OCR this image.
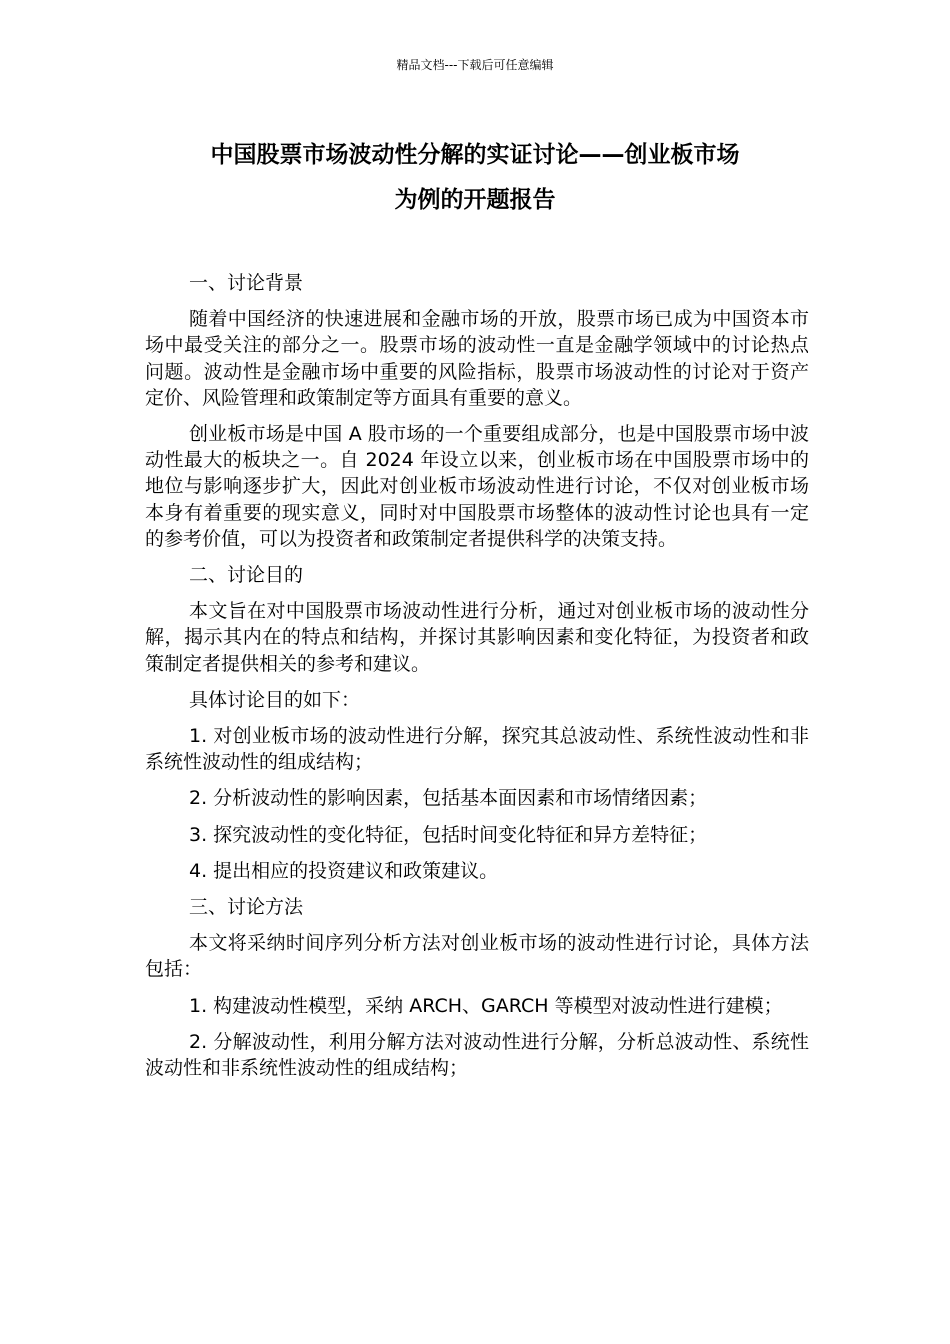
精品文档---下载后可任意编辑
中国股票市场波动性分解的实证讨论——创业板市场
为例的开题报告

一、讨论背景

随着中国经济的快速进展和金融市场的开放，股票市场已成为中国资本市场中最受关注的部分之一。股票市场的波动性一直是金融学领域中的讨论热点问题。波动性是金融市场中重要的风险指标，股票市场波动性的讨论对于资产定价、风险管理和政策制定等方面具有重要的意义。

创业板市场是中国 A 股市场的一个重要组成部分，也是中国股票市场中波动性最大的板块之一。自 2024 年设立以来，创业板市场在中国股票市场中的地位与影响逐步扩大，因此对创业板市场波动性进行讨论，不仅对创业板市场本身有着重要的现实意义，同时对中国股票市场整体的波动性讨论也具有一定的参考价值，可以为投资者和政策制定者提供科学的决策支持。

二、讨论目的

本文旨在对中国股票市场波动性进行分析，通过对创业板市场的波动性分解，揭示其内在的特点和结构，并探讨其影响因素和变化特征，为投资者和政策制定者提供相关的参考和建议。

具体讨论目的如下：

1. 对创业板市场的波动性进行分解，探究其总波动性、系统性波动性和非系统性波动性的组成结构；

2. 分析波动性的影响因素，包括基本面因素和市场情绪因素；

3. 探究波动性的变化特征，包括时间变化特征和异方差特征；

4. 提出相应的投资建议和政策建议。

三、讨论方法

本文将采纳时间序列分析方法对创业板市场的波动性进行讨论，具体方法包括：

1. 构建波动性模型，采纳 ARCH、GARCH 等模型对波动性进行建模；

2. 分解波动性，利用分解方法对波动性进行分解，分析总波动性、系统性波动性和非系统性波动性的组成结构；
